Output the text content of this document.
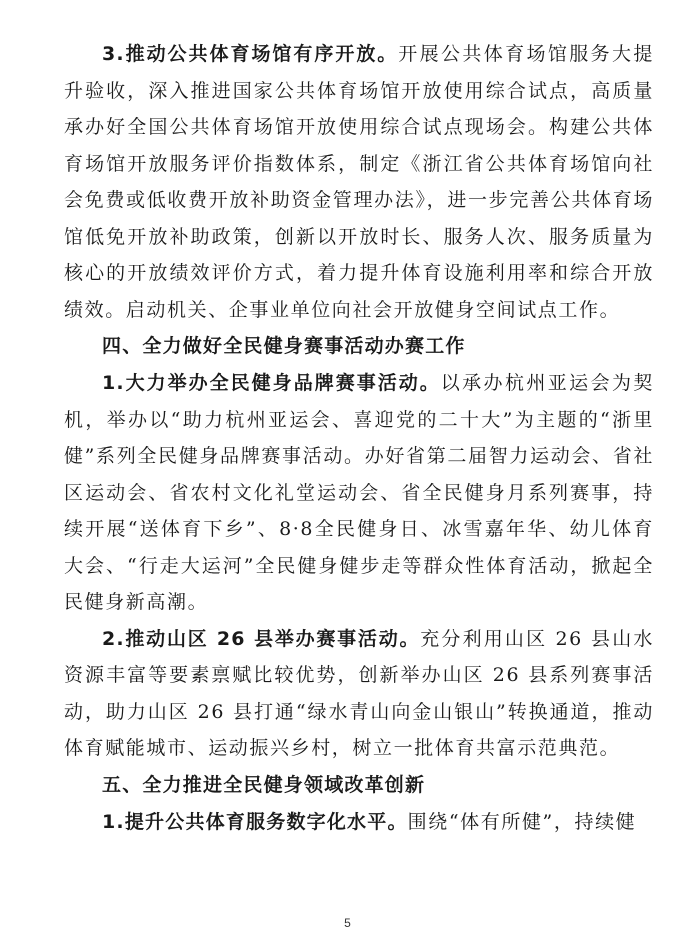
3.推动公共体育场馆有序开放。开展公共体育场馆服务大提升验收，深入推进国家公共体育场馆开放使用综合试点，高质量承办好全国公共体育场馆开放使用综合试点现场会。构建公共体育场馆开放服务评价指数体系，制定《浙江省公共体育场馆向社会免费或低收费开放补助资金管理办法》，进一步完善公共体育场馆低免开放补助政策，创新以开放时长、服务人次、服务质量为核心的开放绩效评价方式，着力提升体育设施利用率和综合开放绩效。启动机关、企事业单位向社会开放健身空间试点工作。

四、全力做好全民健身赛事活动办赛工作

1.大力举办全民健身品牌赛事活动。以承办杭州亚运会为契机，举办以“助力杭州亚运会、喜迎党的二十大”为主题的“浙里健”系列全民健身品牌赛事活动。办好省第二届智力运动会、省社区运动会、省农村文化礼堂运动会、省全民健身月系列赛事，持续开展“送体育下乡”、8·8全民健身日、冰雪嘉年华、幼儿体育大会、“行走大运河”全民健身健步走等群众性体育活动，掀起全民健身新高潮。

2.推动山区 26 县举办赛事活动。充分利用山区 26 县山水资源丰富等要素禀赋比较优势，创新举办山区 26 县系列赛事活动，助力山区 26 县打通“绿水青山向金山银山”转换通道，推动体育赋能城市、运动振兴乡村，树立一批体育共富示范典范。

五、全力推进全民健身领域改革创新

1.提升公共体育服务数字化水平。围绕“体有所健”，持续健

5
